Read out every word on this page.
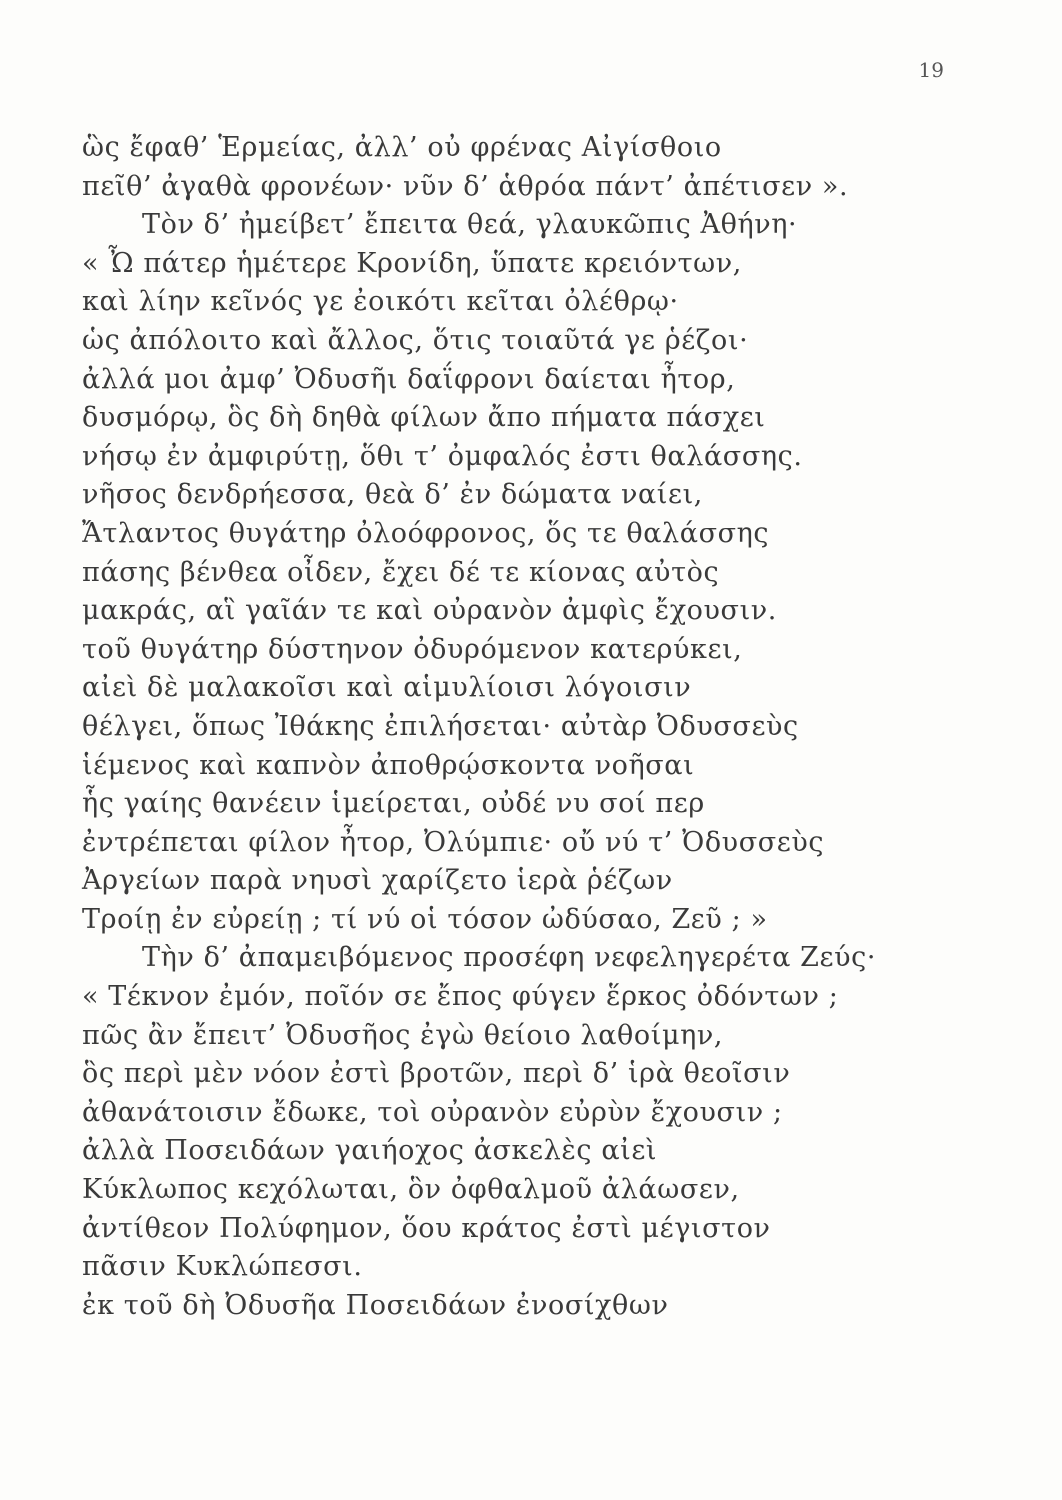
19
ὣς ἔφαθ’ Ἑρμείας, ἀλλ’ οὐ φρένας Αἰγίσθοιο
πεῖθ’ ἀγαθὰ φρονέων· νῦν δ’ ἁθρόα πάντ’ ἀπέτισεν ».
Τὸν δ’ ἠμείβετ’ ἔπειτα θεά, γλαυκῶπις Ἀθήνη·
« Ὦ πάτερ ἡμέτερε Κρονίδη, ὕπατε κρειόντων,
καὶ λίην κεῖνός γε ἐοικότι κεῖται ὀλέθρῳ·
ὡς ἀπόλοιτο καὶ ἄλλος, ὅτις τοιαῦτά γε ῥέζοι·
ἀλλά μοι ἀμφ’ Ὀδυσῆι δαΐφρονι δαίεται ἦτορ,
δυσμόρῳ, ὃς δὴ δηθὰ φίλων ἄπο πήματα πάσχει
νήσῳ ἐν ἀμφιρύτῃ, ὅθι τ’ ὀμφαλός ἐστι θαλάσσης.
νῆσος δενδρήεσσα, θεὰ δ’ ἐν δώματα ναίει,
Ἄτλαντος θυγάτηρ ὀλοόφρονος, ὅς τε θαλάσσης
πάσης βένθεα οἶδεν, ἔχει δέ τε κίονας αὐτὸς
μακράς, αἳ γαῖάν τε καὶ οὐρανὸν ἀμφὶς ἔχουσιν.
τοῦ θυγάτηρ δύστηνον ὀδυρόμενον κατερύκει,
αἰεὶ δὲ μαλακοῖσι καὶ αἱμυλίοισι λόγοισιν
θέλγει, ὅπως Ἰθάκης ἐπιλήσεται· αὐτὰρ Ὀδυσσεὺς
ἱέμενος καὶ καπνὸν ἀποθρῴσκοντα νοῆσαι
ἧς γαίης θανέειν ἱμείρεται, οὐδέ νυ σοί περ
ἐντρέπεται φίλον ἦτορ, Ὀλύμπιε· οὔ νύ τ’ Ὀδυσσεὺς
Ἀργείων παρὰ νηυσὶ χαρίζετο ἱερὰ ῥέζων
Τροίῃ ἐν εὐρείῃ ; τί νύ οἱ τόσον ὠδύσαο, Ζεῦ ; »
Τὴν δ’ ἀπαμειβόμενος προσέφη νεφεληγερέτα Ζεύς·
« Τέκνον ἐμόν, ποῖόν σε ἔπος φύγεν ἕρκος ὀδόντων ;
πῶς ἂν ἔπειτ’ Ὀδυσῆος ἐγὼ θείοιο λαθοίμην,
ὃς περὶ μὲν νόον ἐστὶ βροτῶν, περὶ δ’ ἱρὰ θεοῖσιν
ἀθανάτοισιν ἔδωκε, τοὶ οὐρανὸν εὐρὺν ἔχουσιν ;
ἀλλὰ Ποσειδάων γαιήοχος ἀσκελὲς αἰεὶ
Κύκλωπος κεχόλωται, ὃν ὀφθαλμοῦ ἀλάωσεν,
ἀντίθεον Πολύφημον, ὅου κράτος ἐστὶ μέγιστον
πᾶσιν Κυκλώπεσσι.
ἐκ τοῦ δὴ Ὀδυσῆα Ποσειδάων ἐνοσίχθων
